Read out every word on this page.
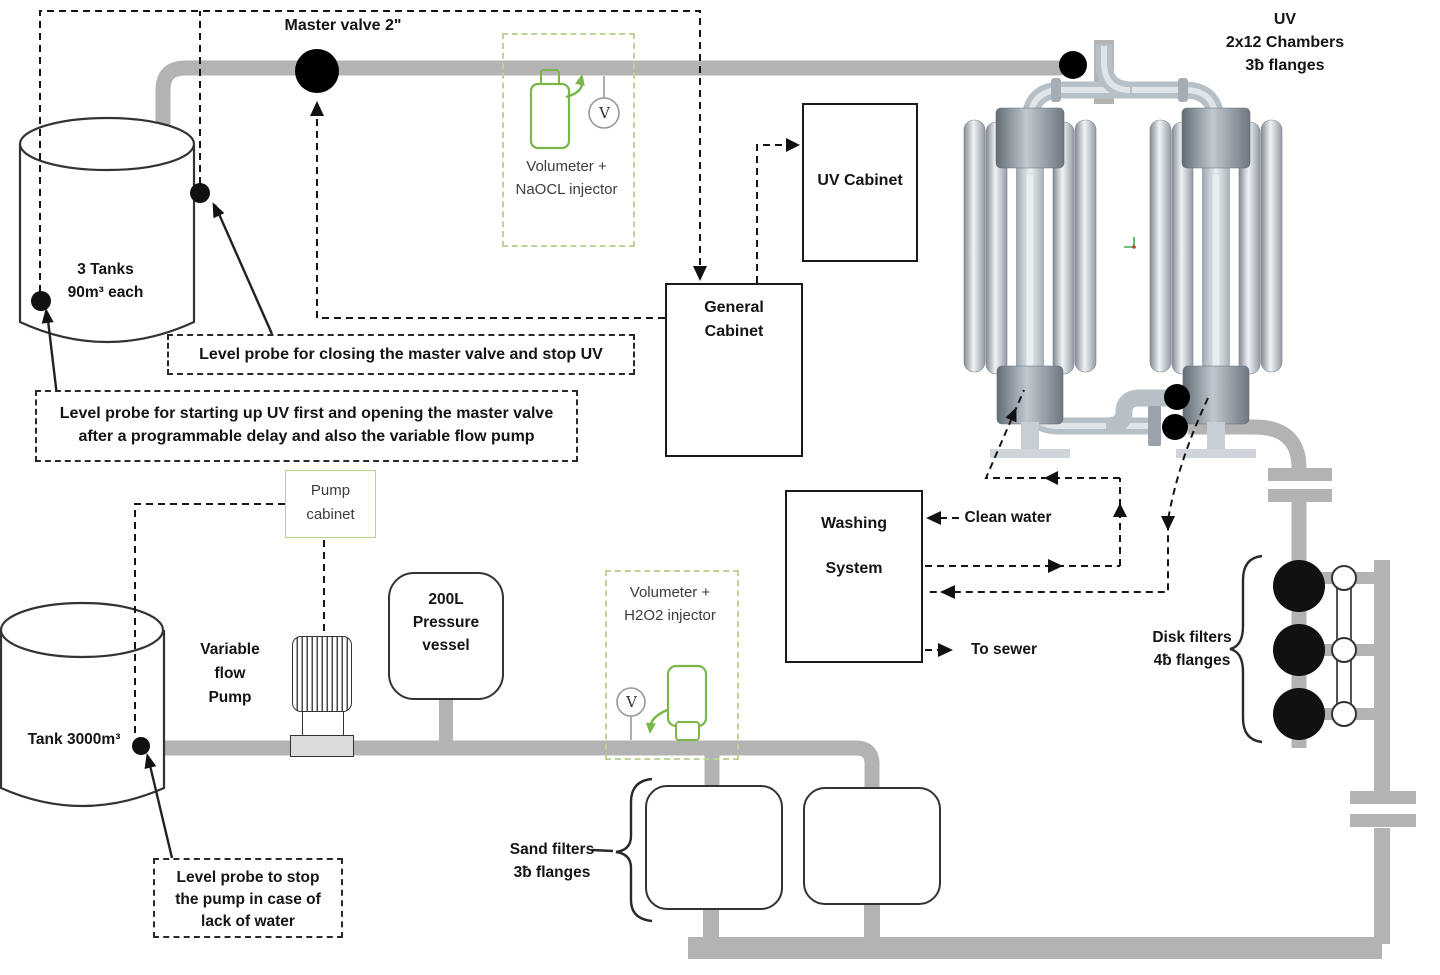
UV Cabinet
General
Cabinet
Washing
System
200L
Pressure
vessel
Volumeter +
NaOCL injector
Volumeter +
H2O2 injector
Pump
cabinet
Level probe for closing the master valve and stop UV
Level probe for starting up UV first and opening the master valve
after a programmable delay and also the variable flow pump
Level probe to stop
the pump in case of
lack of water
Master valve 2"	UV
2x12 Chambers
3ƀ flanges
3 Tanks
90m³ each
Tank 3000m³
Variable
flow
Pump
Clean water
To sewer
Disk filters
4ƀ flanges
Sand filters
3ƀ flanges
V
V
